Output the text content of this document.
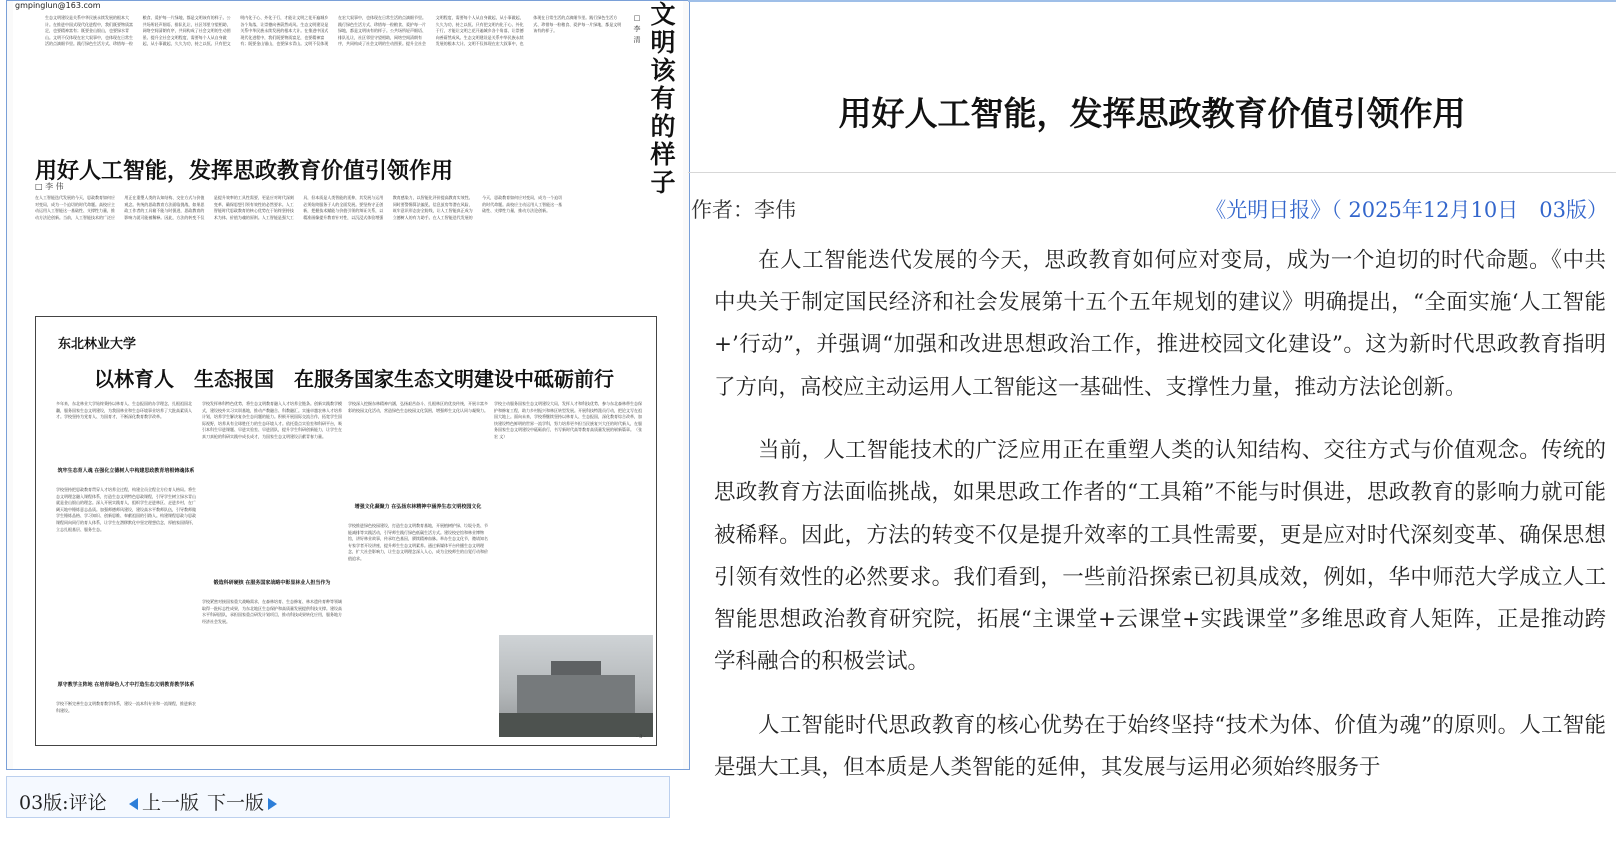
gmpinglun@163.com	文明该有的样子
□ 李 清
生态文明建设是关系中华民族永续发展的根本大计。在推进中国式现代化进程中，我们既要物质富足，也要精神富有；既要金山银山，也要绿水青山。文明不仅体现在宏大叙事中，也体现在日常生活的点滴细节里。践行绿色生活方式、珍惜每一粒粮食、爱护每一片绿地，都是文明该有的样子。公共场所轻声细语、排队礼让，社区邻里守望相助，网络空间清朗有序，共同构成了社会文明的生动图景。提升全社会文明程度，需要每个人从自身做起，从小事做起，久久为功，持之以恒。只有把文明内化于心、外化于行，才能让文明之花开遍城乡各个角落，让崇德向善蔚然成风。生态文明建设是关系中华民族永续发展的根本大计。在推进中国式现代化进程中，我们既要物质富足，也要精神富有；既要金山银山，也要绿水青山。文明不仅体现在宏大叙事中，也体现在日常生活的点滴细节里。践行绿色生活方式、珍惜每一粒粮食、爱护每一片绿地，都是文明该有的样子。公共场所轻声细语、排队礼让，社区邻里守望相助，网络空间清朗有序，共同构成了社会文明的生动图景。提升全社会文明程度，需要每个人从自身做起，从小事做起，久久为功，持之以恒。只有把文明内化于心、外化于行，才能让文明之花开遍城乡各个角落，让崇德向善蔚然成风。生态文明建设是关系中华民族永续发展的根本大计。文明不仅体现在宏大叙事中，也体现在日常生活的点滴细节里。践行绿色生活方式、珍惜每一粒粮食、爱护每一片绿地，都是文明该有的样子。
用好人工智能，发挥思政教育价值引领作用
□ 李 伟
在人工智能迭代发展的今天，思政教育如何应对变局，成为一个迫切的时代命题。高校应主动运用人工智能这一基础性、支撑性力量，推动方法论创新。当前，人工智能技术的广泛应用正在重塑人类的认知结构、交往方式与价值观念。传统的思政教育方法面临挑战，如果思政工作者的工具箱不能与时俱进，思政教育的影响力就可能被稀释。因此，方法的转变不仅是提升效率的工具性需要，更是应对时代深刻变革、确保思想引领有效性的必然要求。人工智能时代思政教育的核心优势在于始终坚持技术为体、价值为魂的原则。人工智能是强大工具，但本质是人类智能的延伸，其发展与运用必须始终服务于人的全面发展。要坚持守正创新，把握技术赋能与价值引领的辩证关系，以精准画像提升教育针对性，以沉浸式体验增强教育感染力，以智能化评价提高教育实效性。同时要警惕算法偏见、信息茧房等潜在风险，筑牢意识形态安全防线，让人工智能真正成为立德树人的有力助手。在人工智能迭代发展的今天，思政教育如何应对变局，成为一个迫切的时代命题。高校应主动运用人工智能这一基础性、支撑性力量，推动方法论创新。
东北林业大学
以林育人　生态报国　在服务国家生态文明建设中砥砺前行
多年来，东北林业大学始终秉持以林育人、生态报国的办学理念，扎根祖国北疆，服务国家生态文明建设，为我国林业和生态环境事业培养了大批高素质人才。学校坚持为党育人、为国育才，不断深化教育教学改革。
筑牢生态育人魂 在强化立德树人中构建思政教育培根铸魂体系
学校坚持把思政教育贯穿人才培养全过程，构建全员全程全方位育人格局。将生态文明理念融入课程体系，打造生态文明特色思政课程，引导学生树立绿水青山就是金山银山的理念。深入开展实践育人，组织学生走进林区、走进乡村，在广阔天地中锤炼意志品质。加强师德师风建设，建设高水平教师队伍，引导教师做学生锤炼品格、学习知识、创新思维、奉献祖国的引路人。构建课程思政与思政课程同向同行的育人体系，让学生在潜移默化中坚定理想信念，厚植家国情怀，立志扎根基层、服务生态。
厚守教学主阵地 在培育绿色人才中打造生态文明教育教学体系
学校不断完善生态文明教育教学体系，建设一流本科专业和一流课程，推进新农科建设。
学校发挥林科特色优势，将生态文明教育融入人才培养全链条。创新实践教学模式，建设校外实习实训基地，推动产教融合、科教融汇。实施卓越农林人才培养计划，培养学生解决复杂生态问题的能力。积极开展国际交流合作，拓宽学生国际视野，培养具有全球胜任力的生态环境人才。依托重点实验室和科研平台，吸引本科生早进课题、早进实验室、早进团队，提升学生科研创新能力，让学生在真刀真枪的科研实践中成长成才，为国家生态文明建设贡献青春力量。
锻造科研硬核 在服务国家战略中彰显林业人担当作为
学校紧密对接国家重大战略需求，在森林培育、生态修复、林木遗传育种等领域取得一批标志性成果，为东北地区生态保护和高质量发展提供科技支撑。建设高水平科研团队，承担国家重点研发计划项目，推动科技成果转化应用，服务地方经济社会发展。
学校深入挖掘东林精神内涵，弘扬艰苦奋斗、扎根林区的优良传统，开展丰富多彩的校园文化活动，营造绿色生态校园文化氛围，增强师生文化认同与凝聚力。
增强文化凝聚力 在弘扬东林精神中涵养生态文明校园文化
学校推进绿色校园建设，打造生态文明教育基地，开展植树护绿、垃圾分类、节能减排等实践活动，引导师生践行绿色低碳生活方式。建设校史馆和林业博物馆，讲好林业故事，传承红色基因，赓续精神血脉。举办生态文化节，邀请知名专家学者开设讲座，提升师生生态文明素养。通过新媒体平台传播生态文明理念，扩大社会影响力，让生态文明理念深入人心，成为全校师生的自觉行动和价值追求。
学校主动服务国家生态文明建设大局，发挥人才和科技优势，参与东北森林带生态保护和修复工程，助力乡村振兴和林区转型发展。开展科技特派员行动，把论文写在祖国大地上。面向未来，学校将继续坚持以林育人、生态报国，深化教育综合改革，加快建设特色鲜明的世界一流学科，努力培养更多担当民族复兴大任的时代新人，在服务国家生态文明建设中砥砺前行，书写新时代高等教育高质量发展的崭新篇章。（张 宏 文）
- 3 -
03版:评论	上一版 下一版
用好人工智能，发挥思政教育价值引领作用
作者：李伟	《光明日报》（ 2025年12月10日　03版）

在人工智能迭代发展的今天，思政教育如何应对变局，成为一个迫切的时代命题。《中共中央关于制定国民经济和社会发展第十五个五年规划的建议》明确提出，“全面实施‘人工智能+’行动”，并强调“加强和改进思想政治工作，推进校园文化建设”。这为新时代思政教育指明了方向，高校应主动运用人工智能这一基础性、支撑性力量，推动方法论创新。

当前，人工智能技术的广泛应用正在重塑人类的认知结构、交往方式与价值观念。传统的思政教育方法面临挑战，如果思政工作者的“工具箱”不能与时俱进，思政教育的影响力就可能被稀释。因此，方法的转变不仅是提升效率的工具性需要，更是应对时代深刻变革、确保思想引领有效性的必然要求。我们看到，一些前沿探索已初具成效，例如，华中师范大学成立人工智能思想政治教育研究院，拓展“主课堂+云课堂+实践课堂”多维思政育人矩阵，正是推动跨学科融合的积极尝试。

人工智能时代思政教育的核心优势在于始终坚持“技术为体、价值为魂”的原则。人工智能是强大工具，但本质是人类智能的延伸，其发展与运用必须始终服务于
